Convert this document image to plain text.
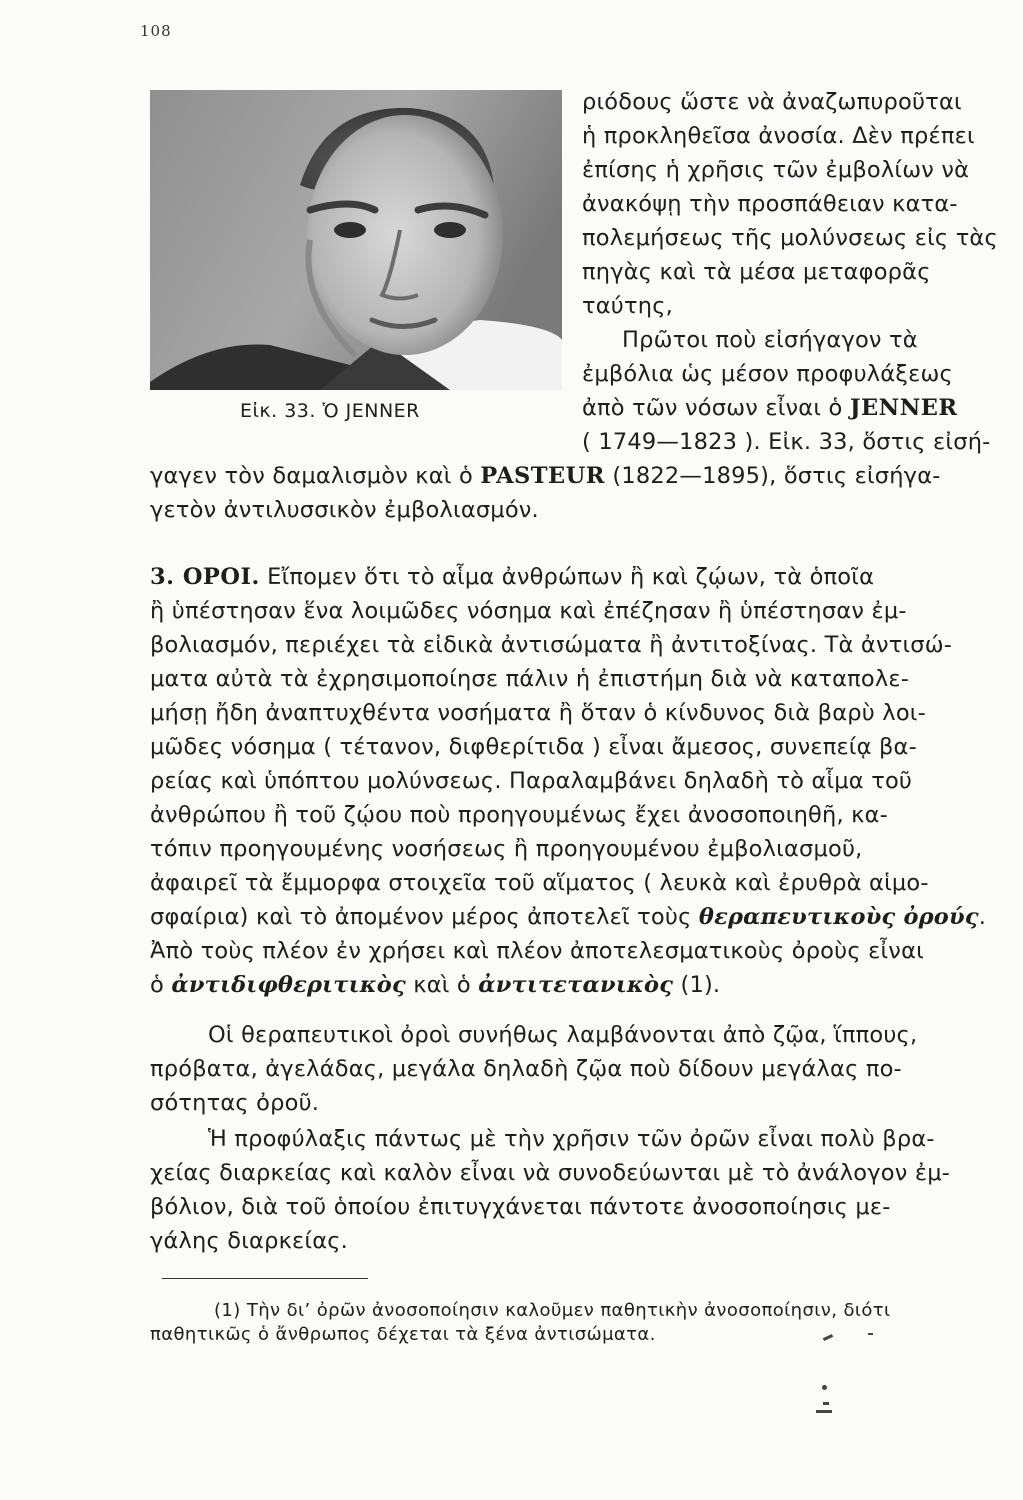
108
Εἰκ. 33. Ὁ JENNER

ριόδους ὥστε νὰ ἀναζωπυροῦται

ἡ προκληθεῖσα ἀνοσία. Δὲν πρέπει

ἐπίσης ἡ χρῆσις τῶν ἐμβολίων νὰ

ἀνακόψῃ τὴν προσπάθειαν κατα-

πολεμήσεως τῆς μολύνσεως εἰς τὰς

πηγὰς καὶ τὰ μέσα μεταφορᾶς

ταύτης,

Πρῶτοι ποὺ εἰσήγαγον τὰ

ἐμβόλια ὡς μέσον προφυλάξεως

ἀπὸ τῶν νόσων εἶναι ὁ JENNER

( 1749—1823 ). Εἰκ. 33, ὅστις εἰσή-

γαγεν τὸν δαμαλισμὸν καὶ ὁ PASTEUR (1822—1895), ὅστις εἰσήγα-

γετὸν ἀντιλυσσικὸν ἐμβολιασμόν.

3. ΟΡΟΙ. Εἴπομεν ὅτι τὸ αἷμα ἀνθρώπων ἢ καὶ ζῴων, τὰ ὁποῖα

ἢ ὑπέστησαν ἕνα λοιμῶδες νόσημα καὶ ἐπέζησαν ἢ ὑπέστησαν ἐμ-

βολιασμόν, περιέχει τὰ εἰδικὰ ἀντισώματα ἢ ἀντιτοξίνας. Τὰ ἀντισώ-

ματα αὐτὰ τὰ ἐχρησιμοποίησε πάλιν ἡ ἐπιστήμη διὰ νὰ καταπολε-

μήσῃ ἤδη ἀναπτυχθέντα νοσήματα ἢ ὅταν ὁ κίνδυνος διὰ βαρὺ λοι-

μῶδες νόσημα ( τέτανον, διφθερίτιδα ) εἶναι ἄμεσος, συνεπείᾳ βα-

ρείας καὶ ὑπόπτου μολύνσεως. Παραλαμβάνει δηλαδὴ τὸ αἷμα τοῦ

ἀνθρώπου ἢ τοῦ ζῴου ποὺ προηγουμένως ἔχει ἀνοσοποιηθῆ, κα-

τόπιν προηγουμένης νοσήσεως ἢ προηγουμένου ἐμβολιασμοῦ,

ἀφαιρεῖ τὰ ἔμμορφα στοιχεῖα τοῦ αἵματος ( λευκὰ καὶ ἐρυθρὰ αἱμο-

σφαίρια) καὶ τὸ ἀπομένον μέρος ἀποτελεῖ τοὺς θεραπευτικοὺς ὀρούς.

Ἀπὸ τοὺς πλέον ἐν χρήσει καὶ πλέον ἀποτελεσματικοὺς ὀροὺς εἶναι

ὁ ἀντιδιφθεριτικὸς καὶ ὁ ἀντιτετανικὸς (1).

Οἱ θεραπευτικοὶ ὀροὶ συνήθως λαμβάνονται ἀπὸ ζῷα, ἵππους,

πρόβατα, ἀγελάδας, μεγάλα δηλαδὴ ζῷα ποὺ δίδουν μεγάλας πο-

σότητας ὀροῦ.

Ἡ προφύλαξις πάντως μὲ τὴν χρῆσιν τῶν ὀρῶν εἶναι πολὺ βρα-

χείας διαρκείας καὶ καλὸν εἶναι νὰ συνοδεύωνται μὲ τὸ ἀνάλογον ἐμ-

βόλιον, διὰ τοῦ ὁποίου ἐπιτυγχάνεται πάντοτε ἀνοσοποίησις με-

γάλης διαρκείας.

(1) Τὴν δι’ ὀρῶν ἀνοσοποίησιν καλοῦμεν παθητικὴν ἀνοσοποίησιν, διότι

παθητικῶς ὁ ἄνθρωπος δέχεται τὰ ξένα ἀντισώματα.
